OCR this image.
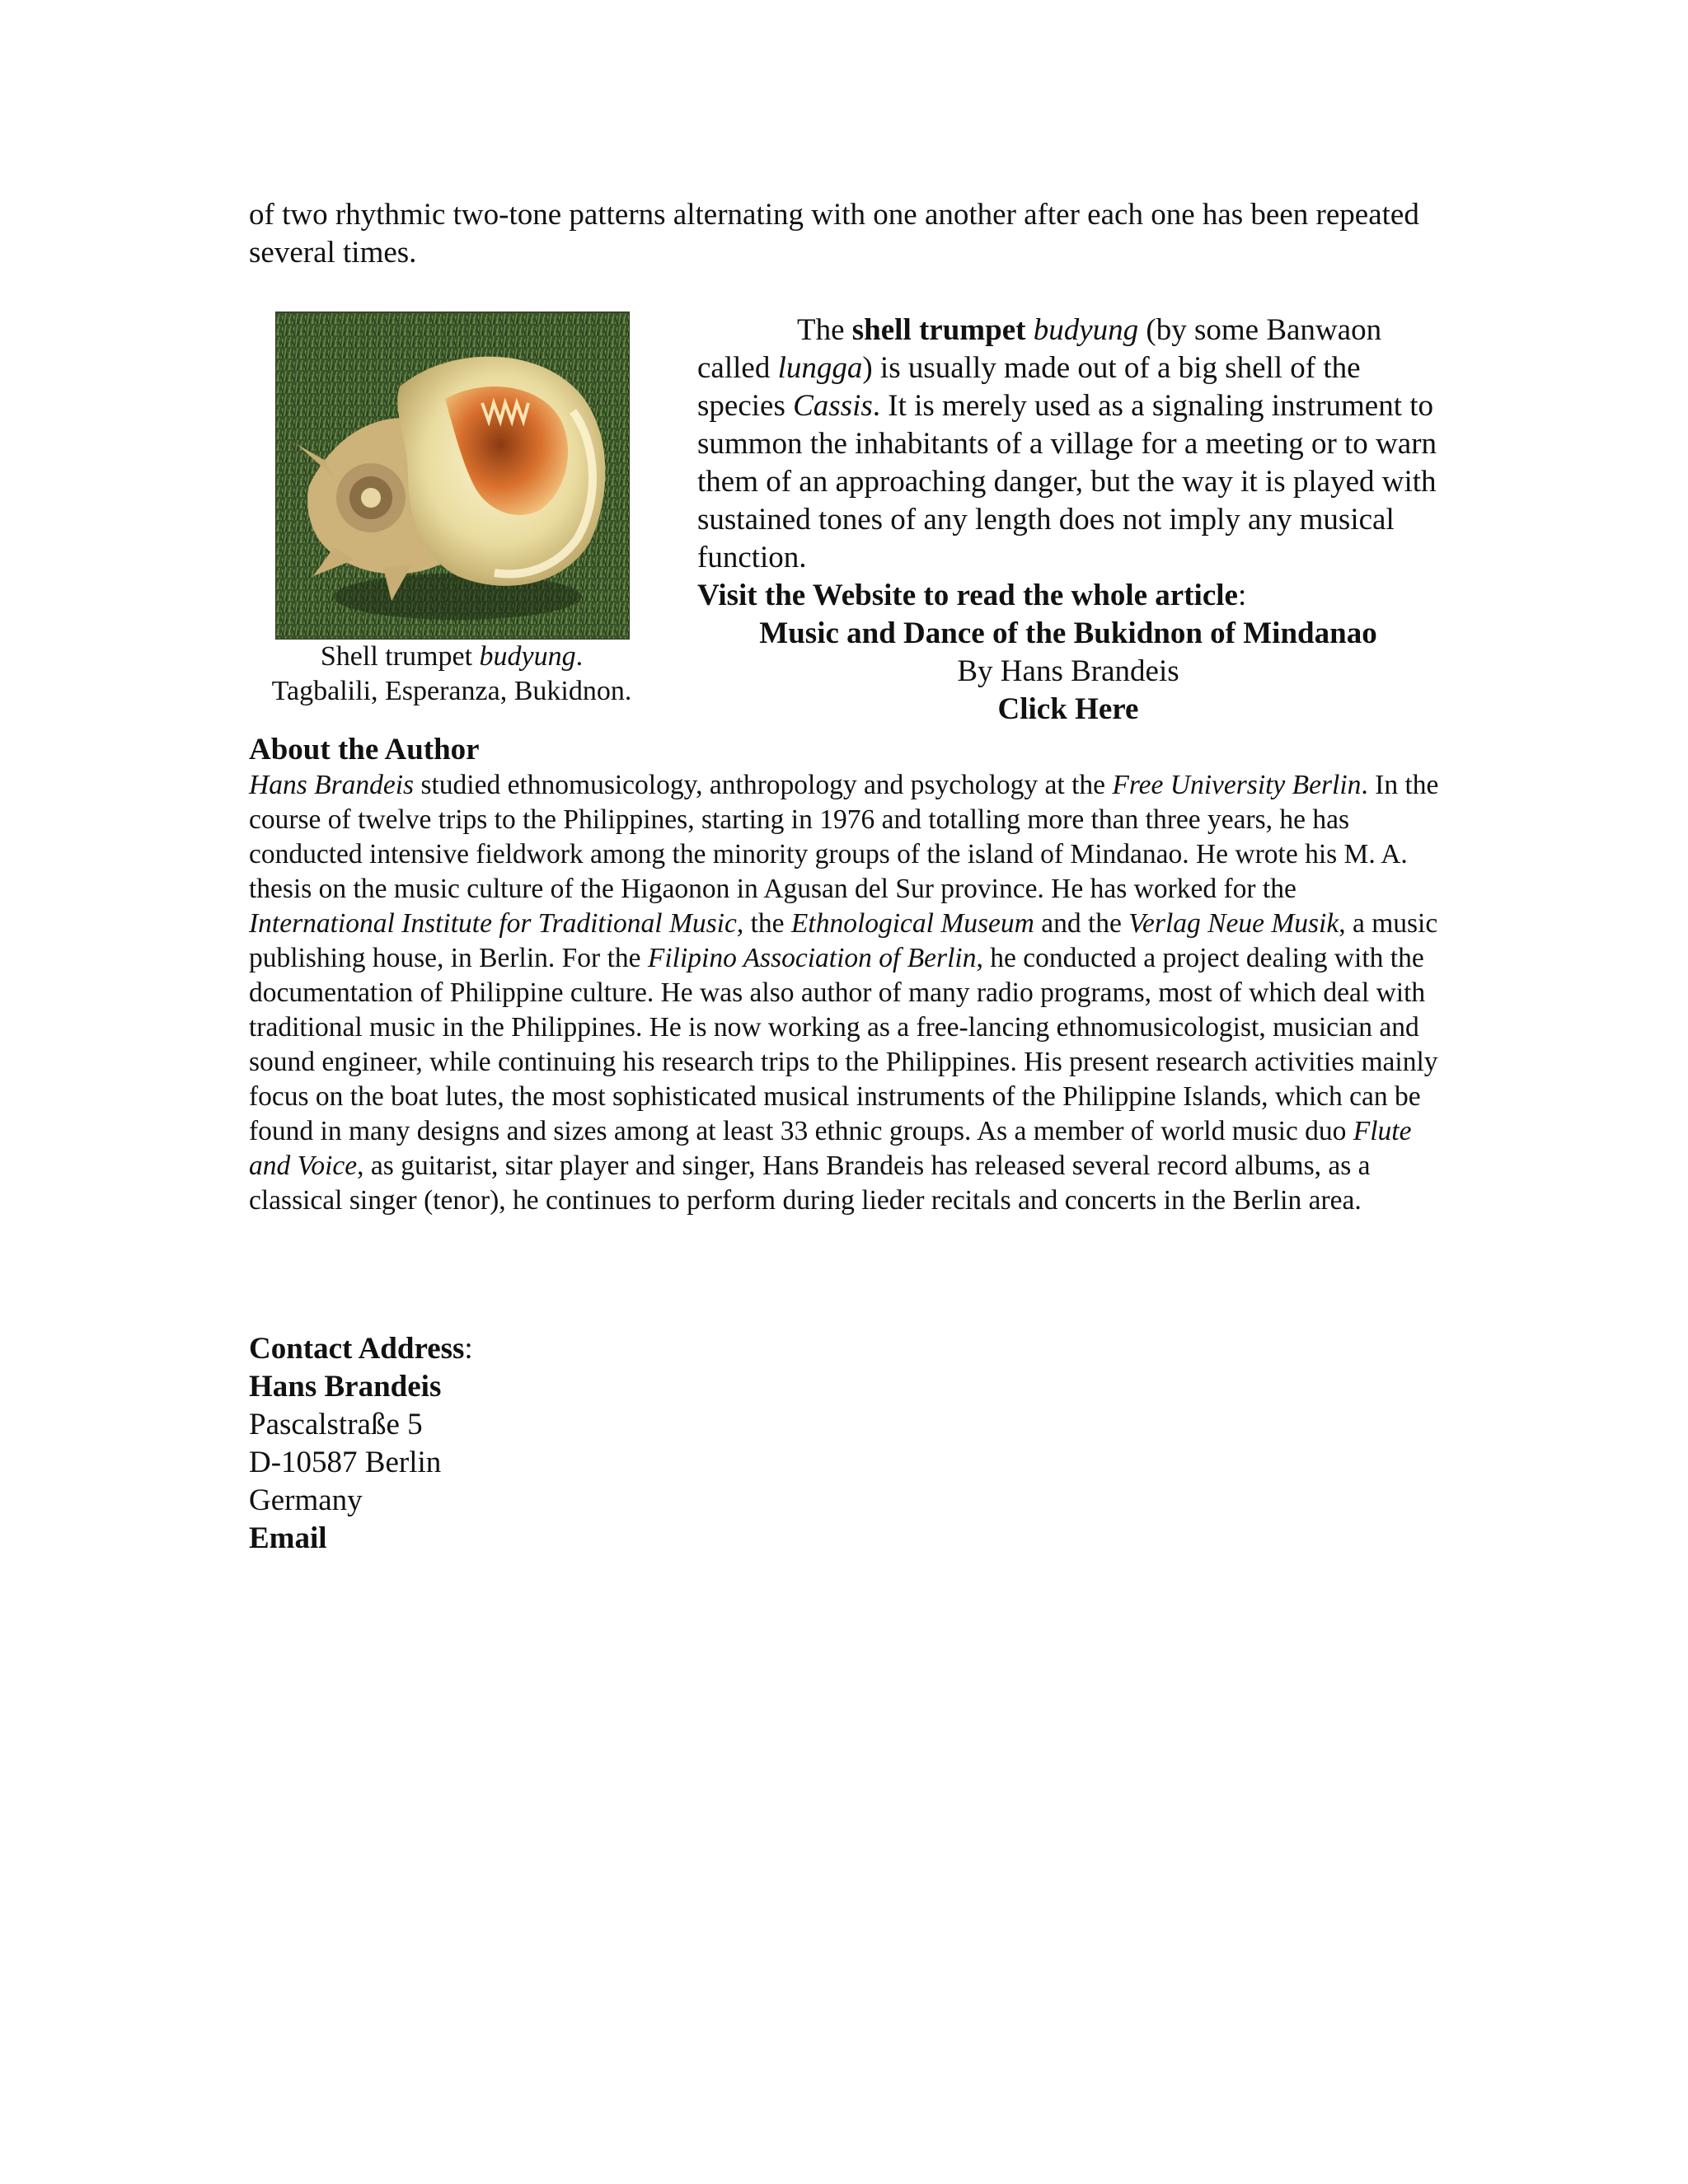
of two rhythmic two-tone patterns alternating with one another after each one has been repeated several times.

Shell trumpet budyung.
Tagbalili, Esperanza, Bukidnon.

The shell trumpet budyung (by some Banwaon called lungga) is usually made out of a big shell of the species Cassis. It is merely used as a signaling instrument to summon the inhabitants of a village for a meeting or to warn them of an approaching danger, but the way it is played with sustained tones of any length does not imply any musical function.

Visit the Website to read the whole article:

Music and Dance of the Bukidnon of Mindanao

By Hans Brandeis

Click Here

About the Author

Hans Brandeis studied ethnomusicology, anthropology and psychology at the Free University Berlin. In the course of twelve trips to the Philippines, starting in 1976 and totalling more than three years, he has conducted intensive fieldwork among the minority groups of the island of Mindanao. He wrote his M. A. thesis on the music culture of the Higaonon in Agusan del Sur province. He has worked for the International Institute for Traditional Music, the Ethnological Museum and the Verlag Neue Musik, a music publishing house, in Berlin. For the Filipino Association of Berlin, he conducted a project dealing with the documentation of Philippine culture. He was also author of many radio programs, most of which deal with traditional music in the Philippines. He is now working as a free-lancing ethnomusicologist, musician and sound engineer, while continuing his research trips to the Philippines. His present research activities mainly focus on the boat lutes, the most sophisticated musical instruments of the Philippine Islands, which can be found in many designs and sizes among at least 33 ethnic groups. As a member of world music duo Flute and Voice, as guitarist, sitar player and singer, Hans Brandeis has released several record albums, as a classical singer (tenor), he continues to perform during lieder recitals and concerts in the Berlin area.

Contact Address:
Hans Brandeis
Pascalstraße 5
D-10587 Berlin
Germany
Email
